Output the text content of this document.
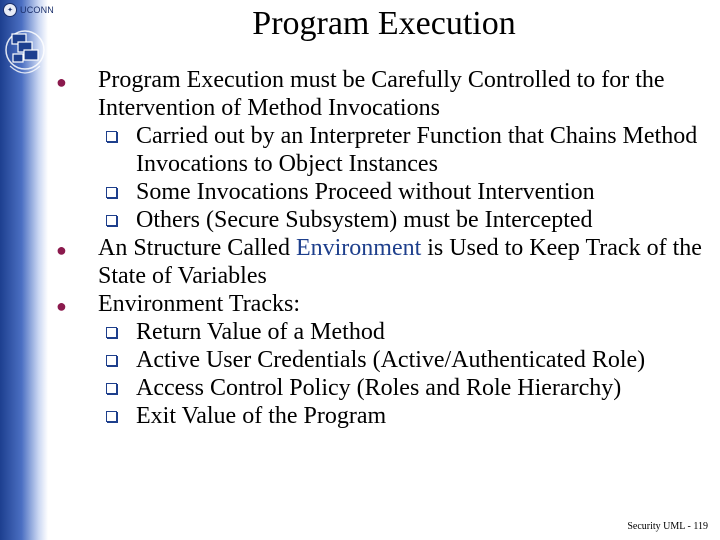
✦ UCONN	Program Execution

● Program Execution must be Carefully Controlled to for the Intervention of Method Invocations

Carried out by an Interpreter Function that Chains Method Invocations to Object Instances

Some Invocations Proceed without Intervention

Others (Secure Subsystem) must be Intercepted

● An Structure Called Environment is Used to Keep Track of the State of Variables

● Environment Tracks:

Return Value of a Method

Active User Credentials (Active/Authenticated Role)

Access Control Policy (Roles and Role Hierarchy)

Exit Value of the Program

Security UML - 119
